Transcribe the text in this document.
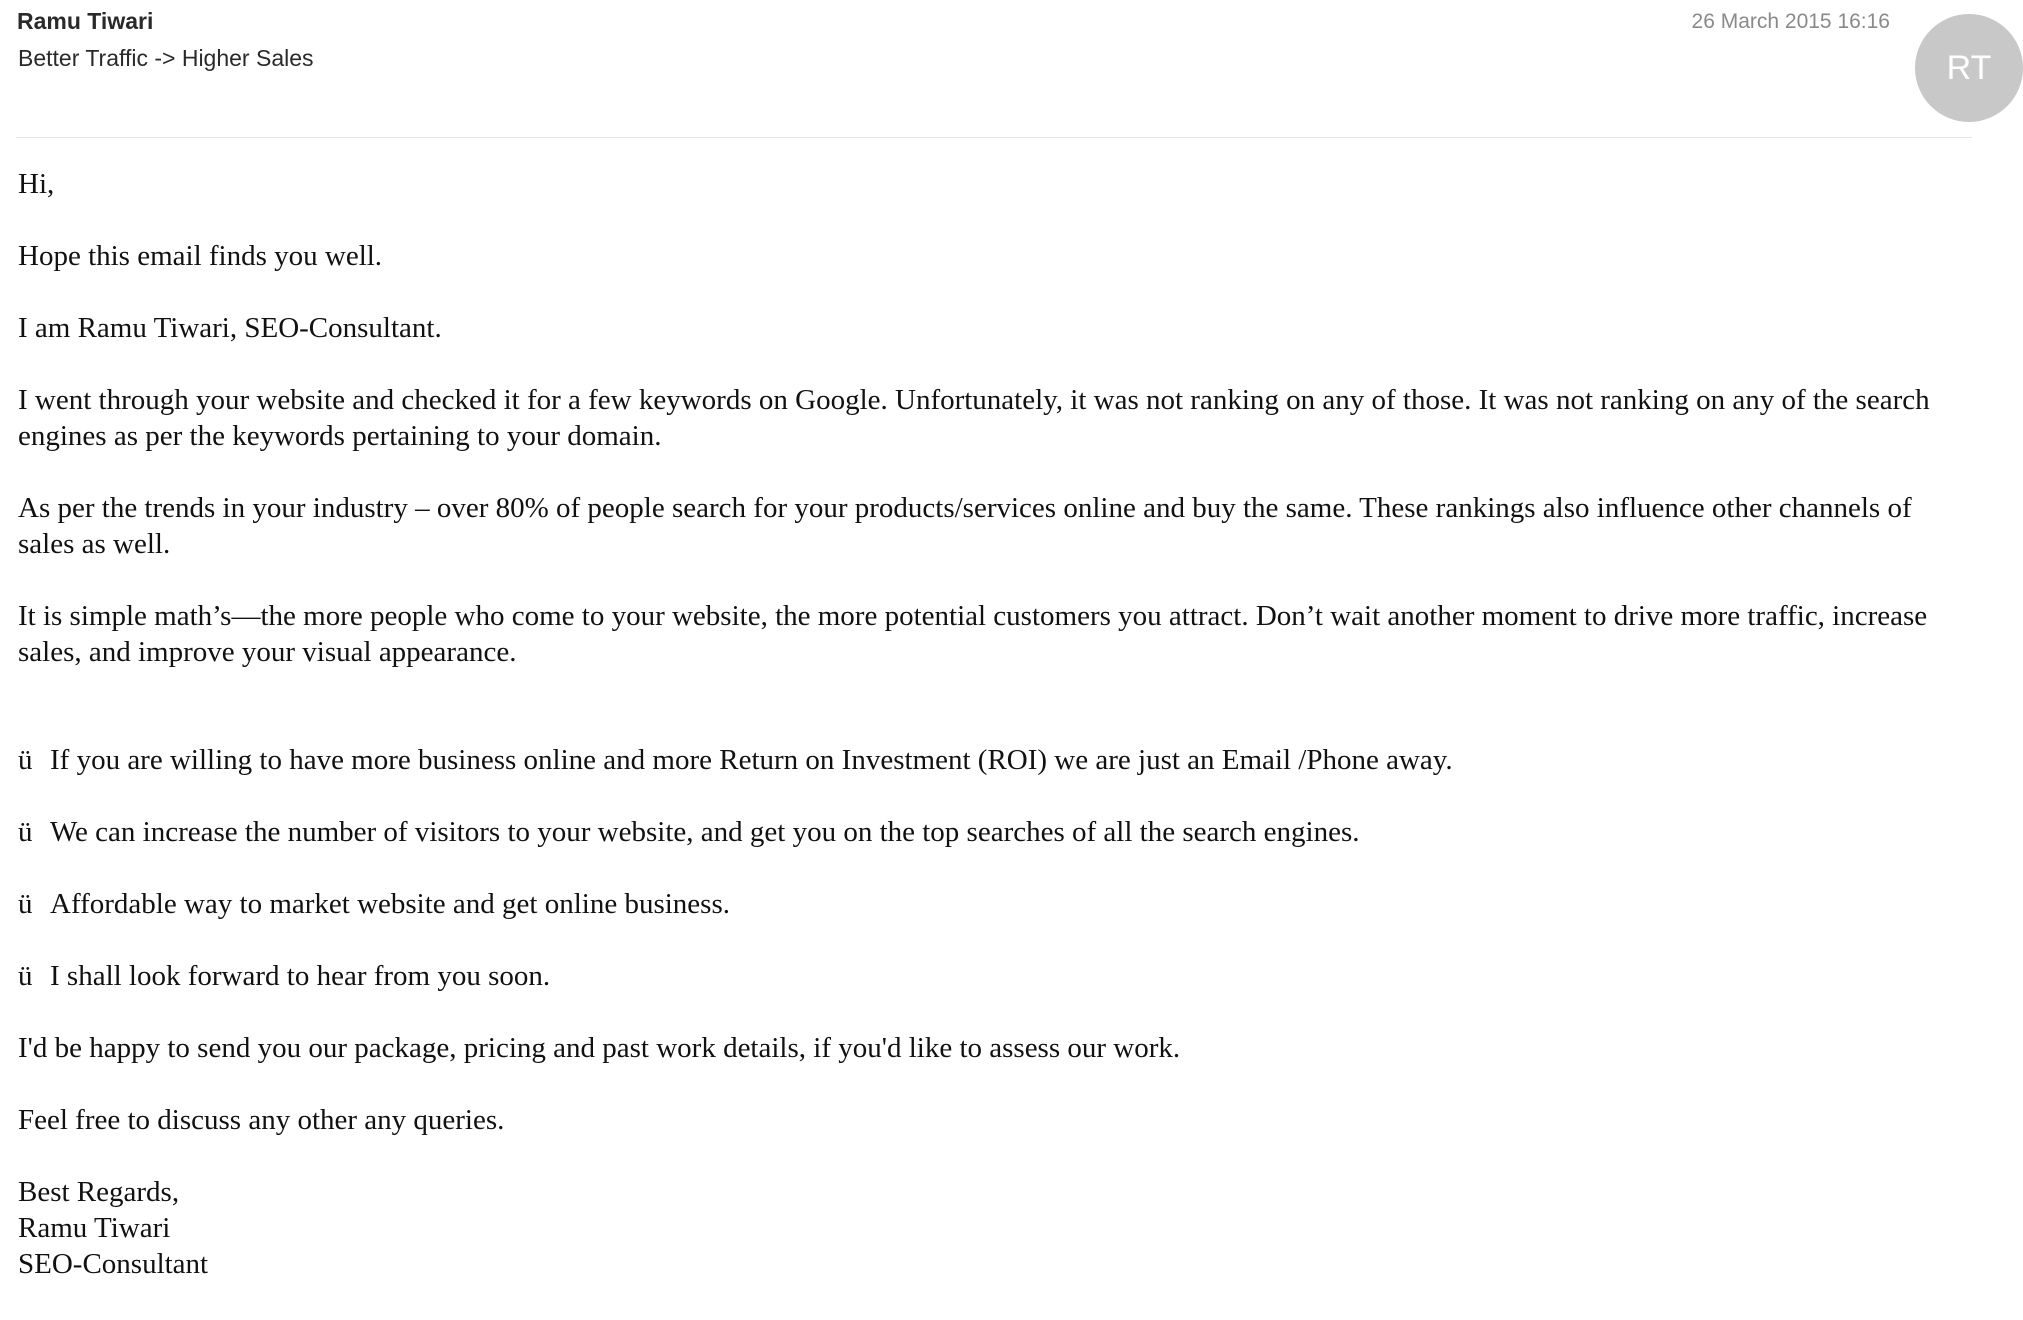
Ramu Tiwari
Better Traffic -> Higher Sales
26 March 2015 16:16
RT

Hi,

Hope this email finds you well.

I am Ramu Tiwari, SEO-Consultant.

I went through your website and checked it for a few keywords on Google. Unfortunately, it was not ranking on any of those. It was not ranking on any of the search engines as per the keywords pertaining to your domain.

As per the trends in your industry – over 80% of people search for your products/services online and buy the same. These rankings also influence other channels of sales as well.

It is simple math’s—the more people who come to your website, the more potential customers you attract. Don’t wait another moment to drive more traffic, increase sales, and improve your visual appearance.

ü If you are willing to have more business online and more Return on Investment (ROI) we are just an Email /Phone away.
ü We can increase the number of visitors to your website, and get you on the top searches of all the search engines.
ü Affordable way to market website and get online business.
ü I shall look forward to hear from you soon.

I'd be happy to send you our package, pricing and past work details, if you'd like to assess our work.

Feel free to discuss any other any queries.

Best Regards,
Ramu Tiwari
SEO-Consultant
